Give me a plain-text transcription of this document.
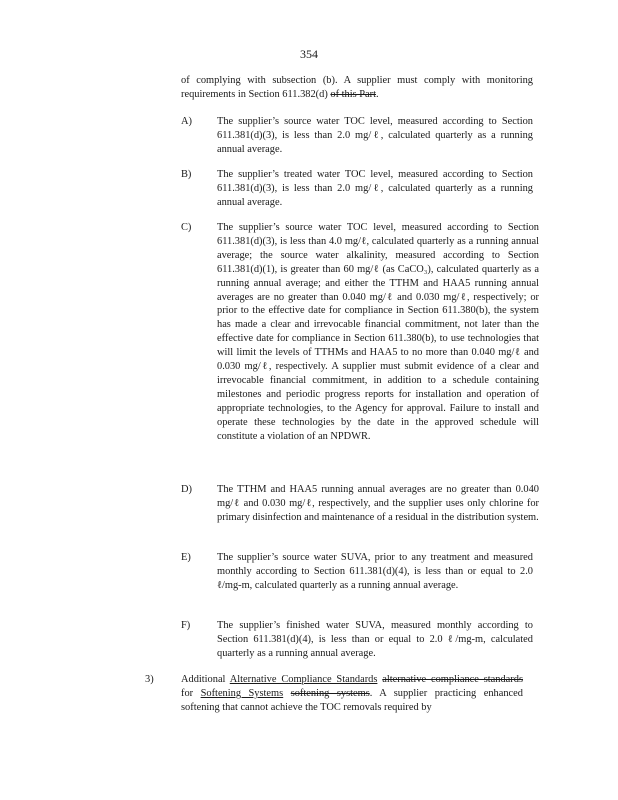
354
of complying with subsection (b). A supplier must comply with monitoring requirements in Section 611.382(d) of this Part.
A) The supplier’s source water TOC level, measured according to Section 611.381(d)(3), is less than 2.0 mg/ℓ, calculated quarterly as a running annual average.
B) The supplier’s treated water TOC level, measured according to Section 611.381(d)(3), is less than 2.0 mg/ℓ, calculated quarterly as a running annual average.
C) The supplier’s source water TOC level, measured according to Section 611.381(d)(3), is less than 4.0 mg/ℓ, calculated quarterly as a running annual average; the source water alkalinity, measured according to Section 611.381(d)(1), is greater than 60 mg/ℓ (as CaCO₃), calculated quarterly as a running annual average; and either the TTHM and HAA5 running annual averages are no greater than 0.040 mg/ℓ and 0.030 mg/ℓ, respectively; or prior to the effective date for compliance in Section 611.380(b), the system has made a clear and irrevocable financial commitment, not later than the effective date for compliance in Section 611.380(b), to use technologies that will limit the levels of TTHMs and HAA5 to no more than 0.040 mg/ℓ and 0.030 mg/ℓ, respectively. A supplier must submit evidence of a clear and irrevocable financial commitment, in addition to a schedule containing milestones and periodic progress reports for installation and operation of appropriate technologies, to the Agency for approval. Failure to install and operate these technologies by the date in the approved schedule will constitute a violation of an NPDWR.
D) The TTHM and HAA5 running annual averages are no greater than 0.040 mg/ℓ and 0.030 mg/ℓ, respectively, and the supplier uses only chlorine for primary disinfection and maintenance of a residual in the distribution system.
E)	The supplier’s source water SUVA, prior to any treatment and measured monthly according to Section 611.381(d)(4), is less than or equal to 2.0 ℓ/mg-m, calculated quarterly as a running annual average.
F)	The supplier’s finished water SUVA, measured monthly according to Section 611.381(d)(4), is less than or equal to 2.0 ℓ/mg-m, calculated quarterly as a running annual average.
3)	Additional Alternative Compliance Standards alternative compliance standards for Softening Systems softening systems. A supplier practicing enhanced softening that cannot achieve the TOC removals required by
